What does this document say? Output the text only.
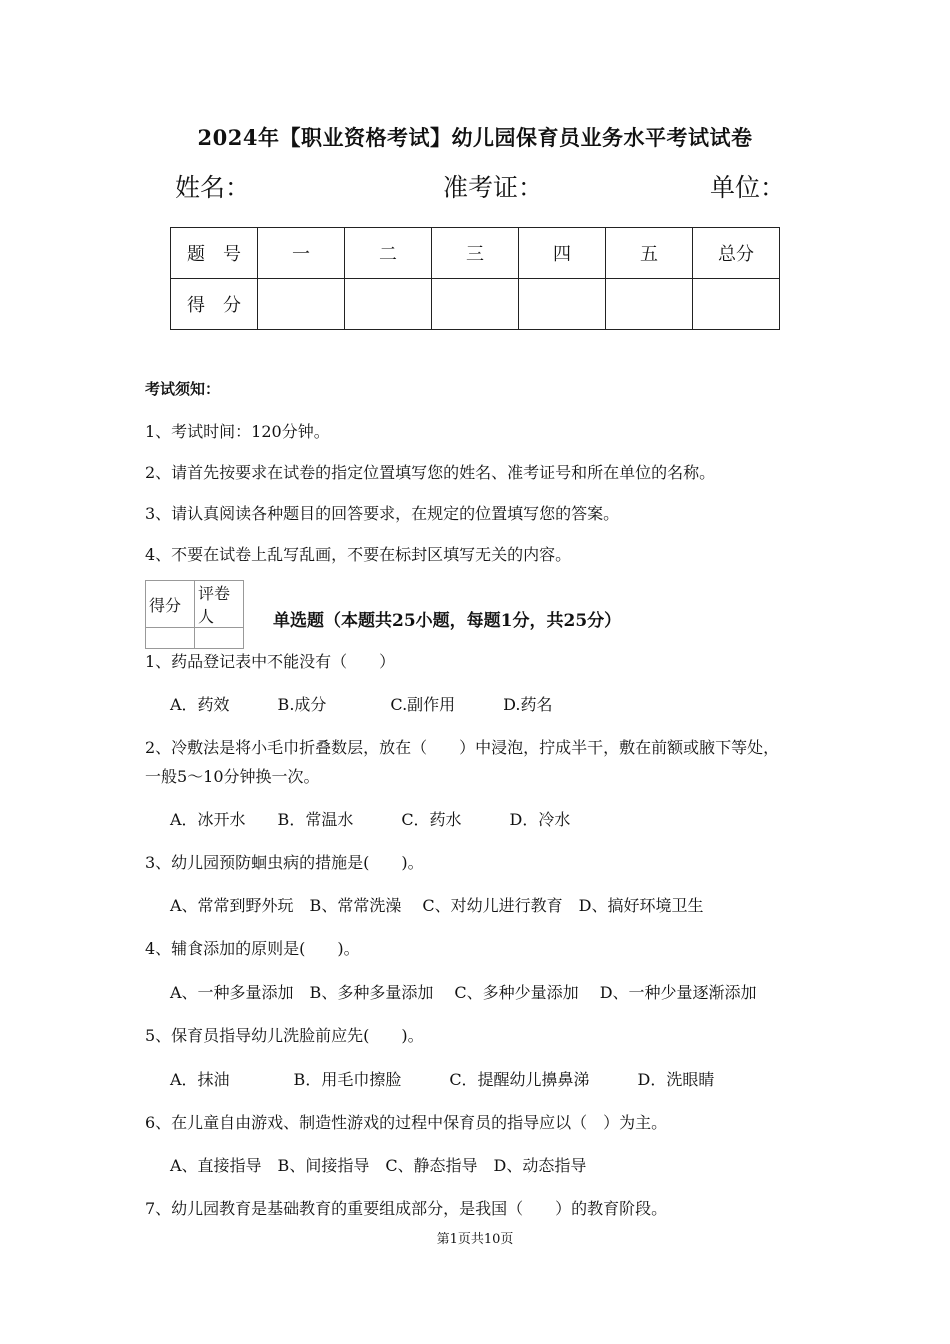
2024年【职业资格考试】幼儿园保育员业务水平考试试卷
姓名：	准考证：	单位：
题　号	一	二	三	四	五	总分
得　分						
考试须知：
1、考试时间：120分钟。
2、请首先按要求在试卷的指定位置填写您的姓名、准考证号和所在单位的名称。
3、请认真阅读各种题目的回答要求，在规定的位置填写您的答案。
4、不要在试卷上乱写乱画，不要在标封区填写无关的内容。
得分	评卷人
		单选题（本题共25小题，每题1分，共25分）
1、药品登记表中不能没有（　　）
A．药效　　　B.成分　　　　C.副作用　　　D.药名
2、冷敷法是将小毛巾折叠数层，放在（　　）中浸泡，拧成半干，敷在前额或腋下等处，
一般5～10分钟换一次。
A．冰开水　　B．常温水　　　C．药水　　　D．冷水
3、幼儿园预防蛔虫病的措施是(　　)。
A、常常到野外玩　B、常常洗澡　 C、对幼儿进行教育　D、搞好环境卫生
4、辅食添加的原则是(　　)。
A、一种多量添加　B、多种多量添加　 C、多种少量添加　 D、一种少量逐渐添加
5、保育员指导幼儿洗脸前应先(　　)。
A．抹油　　　　B．用毛巾擦脸　　　C．提醒幼儿擤鼻涕　　　D．洗眼睛
6、在儿童自由游戏、制造性游戏的过程中保育员的指导应以（　）为主。
A、直接指导　B、间接指导　C、静态指导　D、动态指导
7、幼儿园教育是基础教育的重要组成部分，是我国（　　）的教育阶段。
第1页共10页
